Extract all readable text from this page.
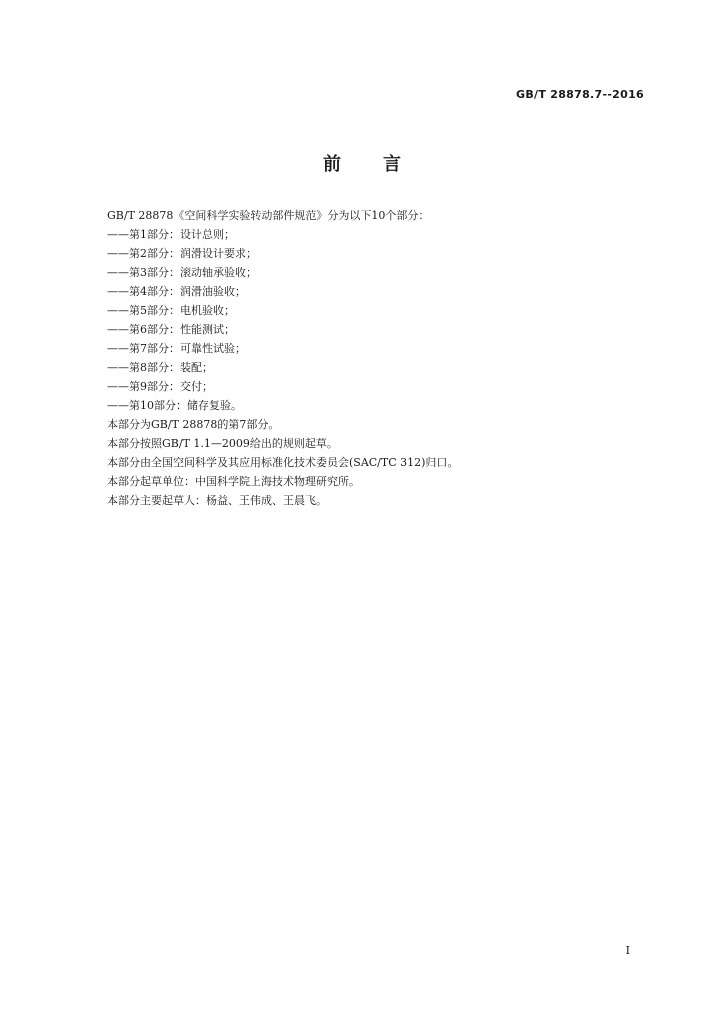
GB/T 28878.7--2016
前言
GB/T 28878《空间科学实验转动部件规范》分为以下10个部分：
——第1部分：设计总则；
——第2部分：润滑设计要求；
——第3部分：滚动轴承验收；
——第4部分：润滑油验收；
——第5部分：电机验收；
——第6部分：性能测试；
——第7部分：可靠性试验；
——第8部分：装配；
——第9部分：交付；
——第10部分：储存复验。
本部分为GB/T 28878的第7部分。
本部分按照GB/T 1.1—2009给出的规则起草。
本部分由全国空间科学及其应用标准化技术委员会(SAC/TC 312)归口。
本部分起草单位：中国科学院上海技术物理研究所。
本部分主要起草人：杨益、王伟成、王晨飞。
I
